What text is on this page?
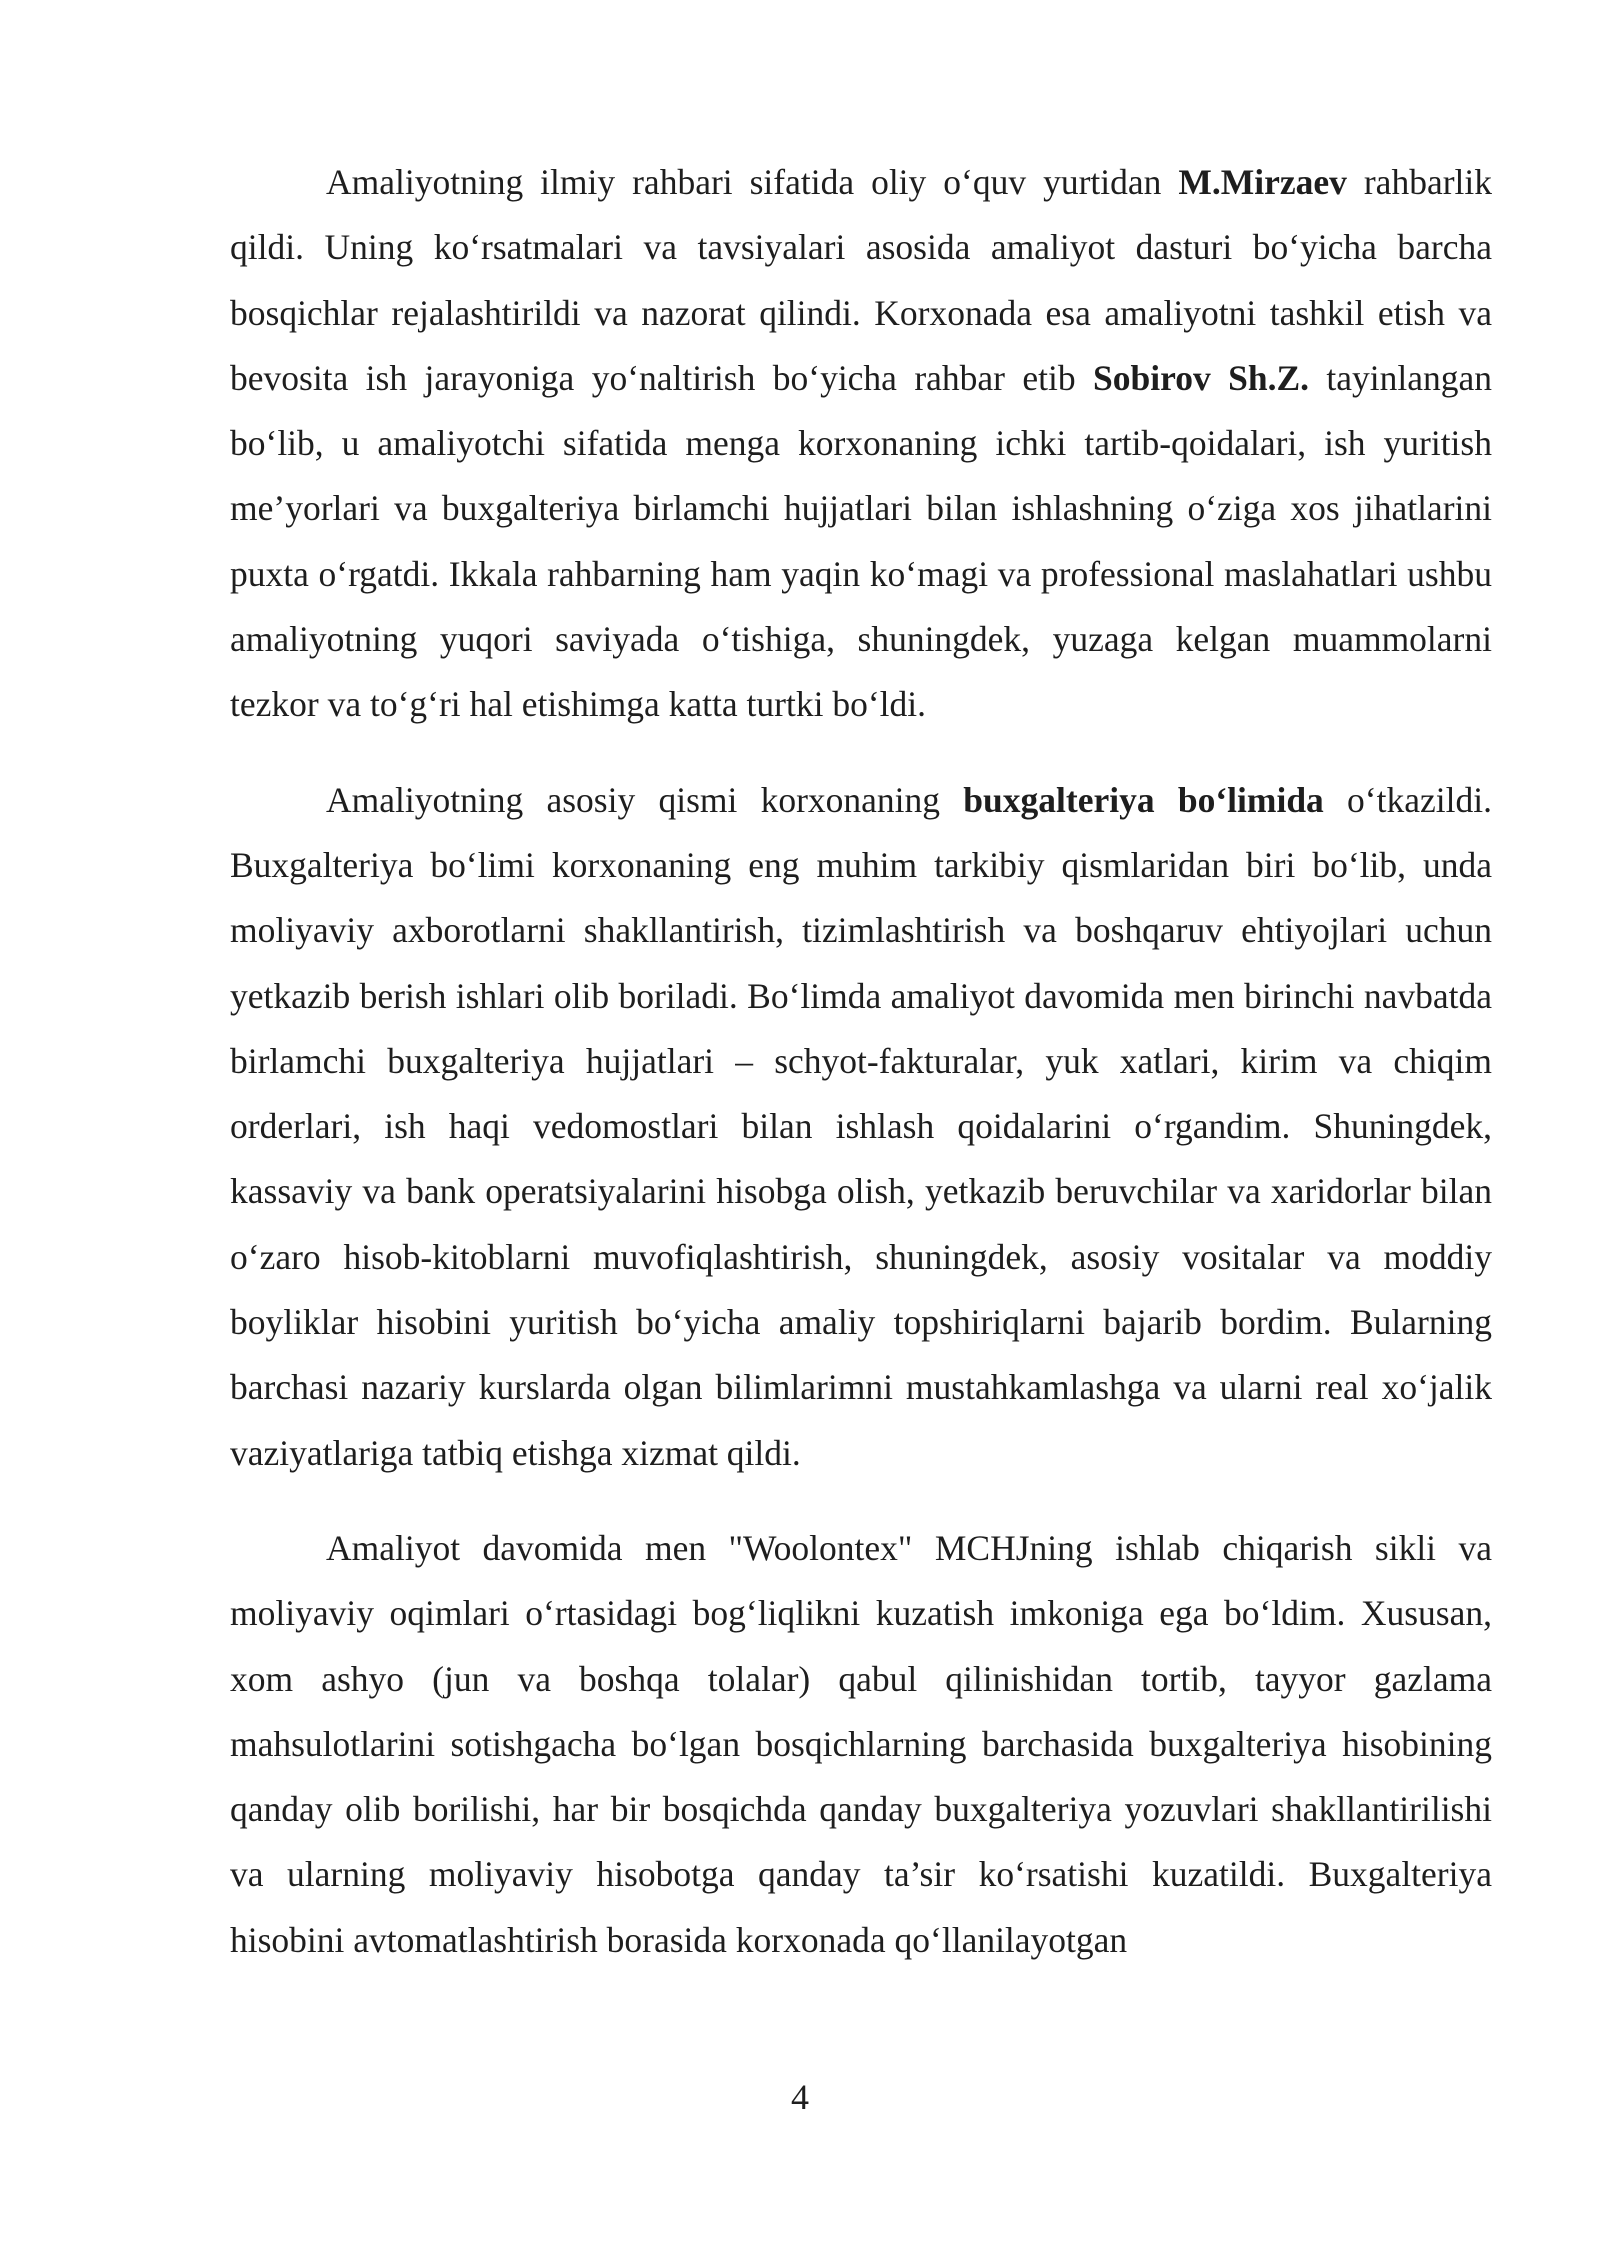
Amaliyotning ilmiy rahbari sifatida oliy o‘quv yurtidan M.Mirzaev rahbarlik qildi. Uning ko‘rsatmalari va tavsiyalari asosida amaliyot dasturi bo‘yicha barcha bosqichlar rejalashtirildi va nazorat qilindi. Korxonada esa amaliyotni tashkil etish va bevosita ish jarayoniga yo‘naltirish bo‘yicha rahbar etib Sobirov Sh.Z. tayinlangan bo‘lib, u amaliyotchi sifatida menga korxonaning ichki tartib-qoidalari, ish yuritish me’yorlari va buxgalteriya birlamchi hujjatlari bilan ishlashning o‘ziga xos jihatlarini puxta o‘rgatdi. Ikkala rahbarning ham yaqin ko‘magi va professional maslahatlari ushbu amaliyotning yuqori saviyada o‘tishiga, shuningdek, yuzaga kelgan muammolarni tezkor va to‘g‘ri hal etishimga katta turtki bo‘ldi.

Amaliyotning asosiy qismi korxonaning buxgalteriya bo‘limida o‘tkazildi. Buxgalteriya bo‘limi korxonaning eng muhim tarkibiy qismlaridan biri bo‘lib, unda moliyaviy axborotlarni shakllantirish, tizimlashtirish va boshqaruv ehtiyojlari uchun yetkazib berish ishlari olib boriladi. Bo‘limda amaliyot davomida men birinchi navbatda birlamchi buxgalteriya hujjatlari – schyot-fakturalar, yuk xatlari, kirim va chiqim orderlari, ish haqi vedomostlari bilan ishlash qoidalarini o‘rgandim. Shuningdek, kassaviy va bank operatsiyalarini hisobga olish, yetkazib beruvchilar va xaridorlar bilan o‘zaro hisob-kitoblarni muvofiqlashtirish, shuningdek, asosiy vositalar va moddiy boyliklar hisobini yuritish bo‘yicha amaliy topshiriqlarni bajarib bordim. Bularning barchasi nazariy kurslarda olgan bilimlarimni mustahkamlashga va ularni real xo‘jalik vaziyatlariga tatbiq etishga xizmat qildi.

Amaliyot davomida men "Woolontex" MCHJning ishlab chiqarish sikli va moliyaviy oqimlari o‘rtasidagi bog‘liqlikni kuzatish imkoniga ega bo‘ldim. Xususan, xom ashyo (jun va boshqa tolalar) qabul qilinishidan tortib, tayyor gazlama mahsulotlarini sotishgacha bo‘lgan bosqichlarning barchasida buxgalteriya hisobining qanday olib borilishi, har bir bosqichda qanday buxgalteriya yozuvlari shakllantirilishi va ularning moliyaviy hisobotga qanday ta’sir ko‘rsatishi kuzatildi. Buxgalteriya hisobini avtomatlashtirish borasida korxonada qo‘llanilayotgan

4
